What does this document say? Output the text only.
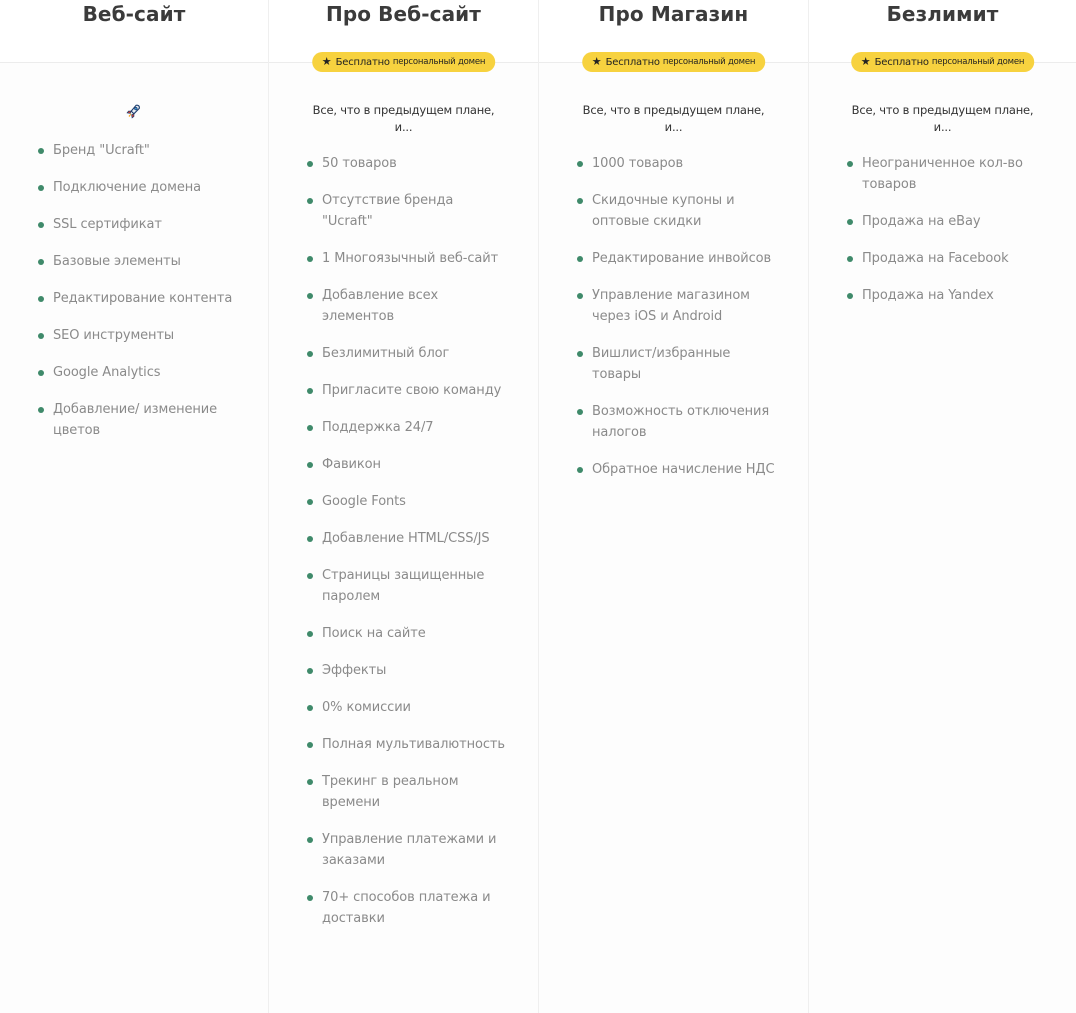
Веб-сайт
Бренд "Ucraft"
Подключение домена
SSL сертификат
Базовые элементы
Редактирование контента
SEO инструменты
Google Analytics
Добавление/ изменение цветов
Про Веб-сайт
★ Бесплатно персональный домен
Все, что в предыдущем плане,
и...
50 товаров
Отсутствие бренда "Ucraft"
1 Многоязычный веб-сайт
Добавление всех элементов
Безлимитный блог
Пригласите свою команду
Поддержка 24/7
Фавикон
Google Fonts
Добавление HTML/CSS/JS
Страницы защищенные паролем
Поиск на сайте
Эффекты
0% комиссии
Полная мультивалютность
Трекинг в реальном времени
Управление платежами и заказами
70+ способов платежа и доставки
Про Магазин
★ Бесплатно персональный домен
Все, что в предыдущем плане,
и...
1000 товаров
Скидочные купоны и оптовые скидки
Редактирование инвойсов
Управление магазином через iOS и Android
Вишлист/избранные товары
Возможность отключения налогов
Обратное начисление НДС
Безлимит
★ Бесплатно персональный домен
Все, что в предыдущем плане,
и...
Неограниченное кол-во товаров
Продажа на eBay
Продажа на Facebook
Продажа на Yandex
